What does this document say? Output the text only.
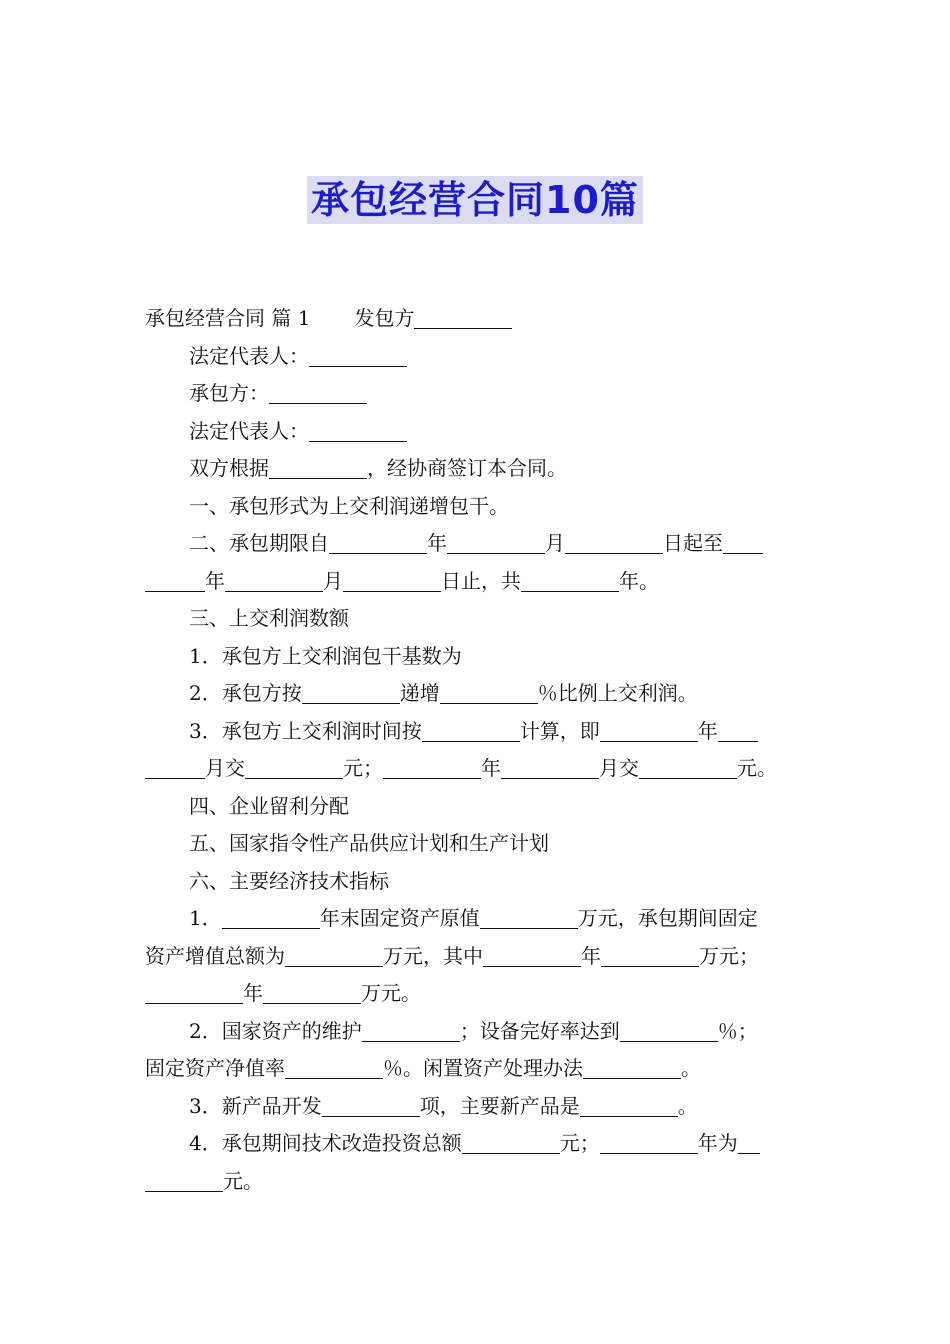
承包经营合同10篇
承包经营合同 篇 1 发包方
法定代表人：
承包方：
法定代表人：
双方根据	，经协商签订本合同。
一、承包形式为上交利润递增包干。
二、承包期限自	年	月	日起至
年	月	日止，共	年。
三、上交利润数额
1．承包方上交利润包干基数为
2．承包方按	递增	％比例上交利润。
3．承包方上交利润时间按	计算，即	年
月交	元；	年	月交	元。
四、企业留利分配
五、国家指令性产品供应计划和生产计划
六、主要经济技术指标
1．	年末固定资产原值	万元，承包期间固定
资产增值总额为	万元，其中	年	万元；
年	万元。
2．国家资产的维护	；设备完好率达到	％；
固定资产净值率	％。闲置资产处理办法	。
3．新产品开发	项，主要新产品是	。
4．承包期间技术改造投资总额	元；	年为
元。
